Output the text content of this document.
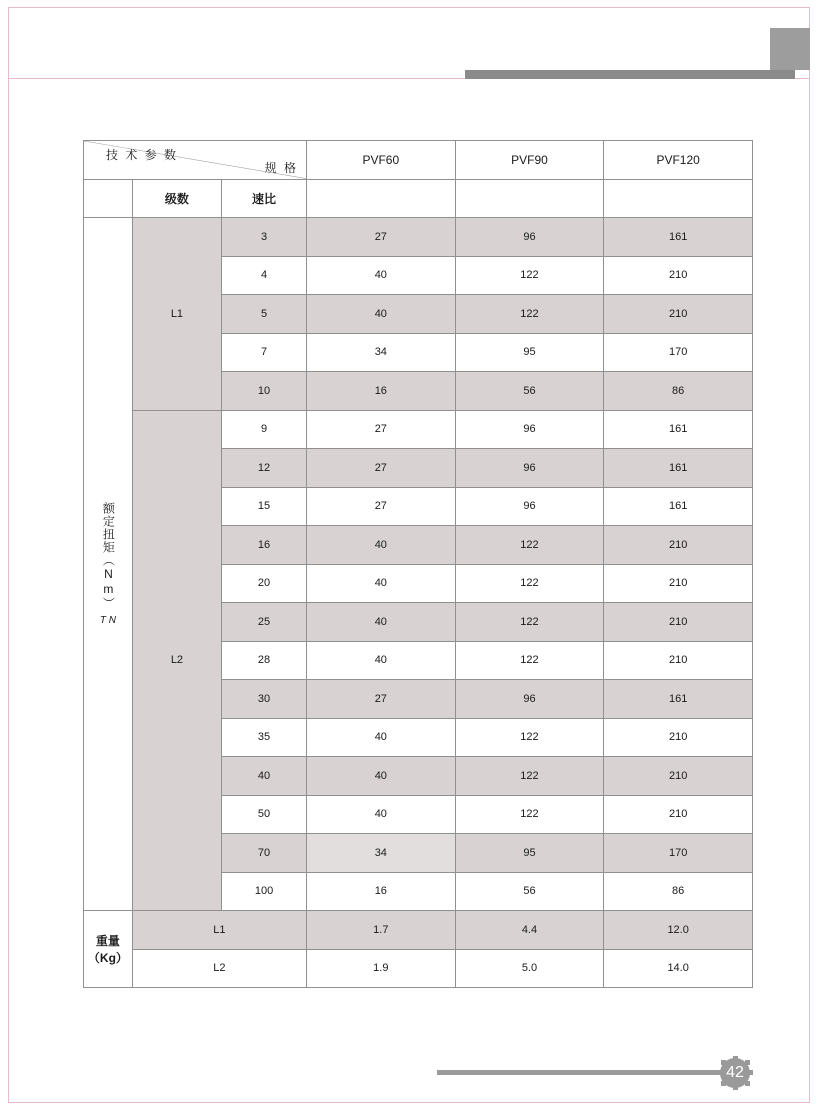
规 格
技 术 参 数			PVF60	PVF90	PVF120
	级数	速比			
额定扭矩（Nm）
T N	L1	3	27	96	161
		4	40	122	210
		5	40	122	210
		7	34	95	170
		10	16	56	86
	L2	9	27	96	161
		12	27	96	161
		15	27	96	161
		16	40	122	210
		20	40	122	210
		25	40	122	210
		28	40	122	210
		30	27	96	161
		35	40	122	210
		40	40	122	210
		50	40	122	210
		70	34	95	170
		100	16	56	86
重量（Kg）	L1		1.7	4.4	12.0
	L2		1.9	5.0	14.0
42
